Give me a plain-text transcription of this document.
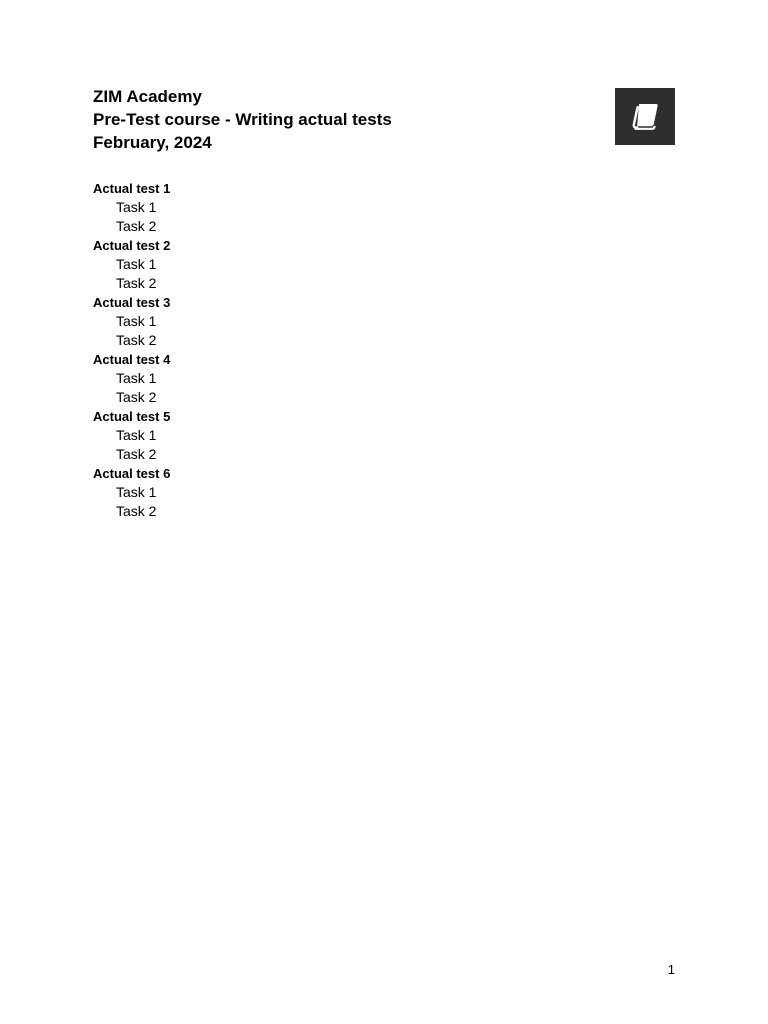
ZIM Academy
Pre-Test course - Writing actual tests
February, 2024
Actual test 1
Task 1
Task 2
Actual test 2
Task 1
Task 2
Actual test 3
Task 1
Task 2
Actual test 4
Task 1
Task 2
Actual test 5
Task 1
Task 2
Actual test 6
Task 1
Task 2
1
